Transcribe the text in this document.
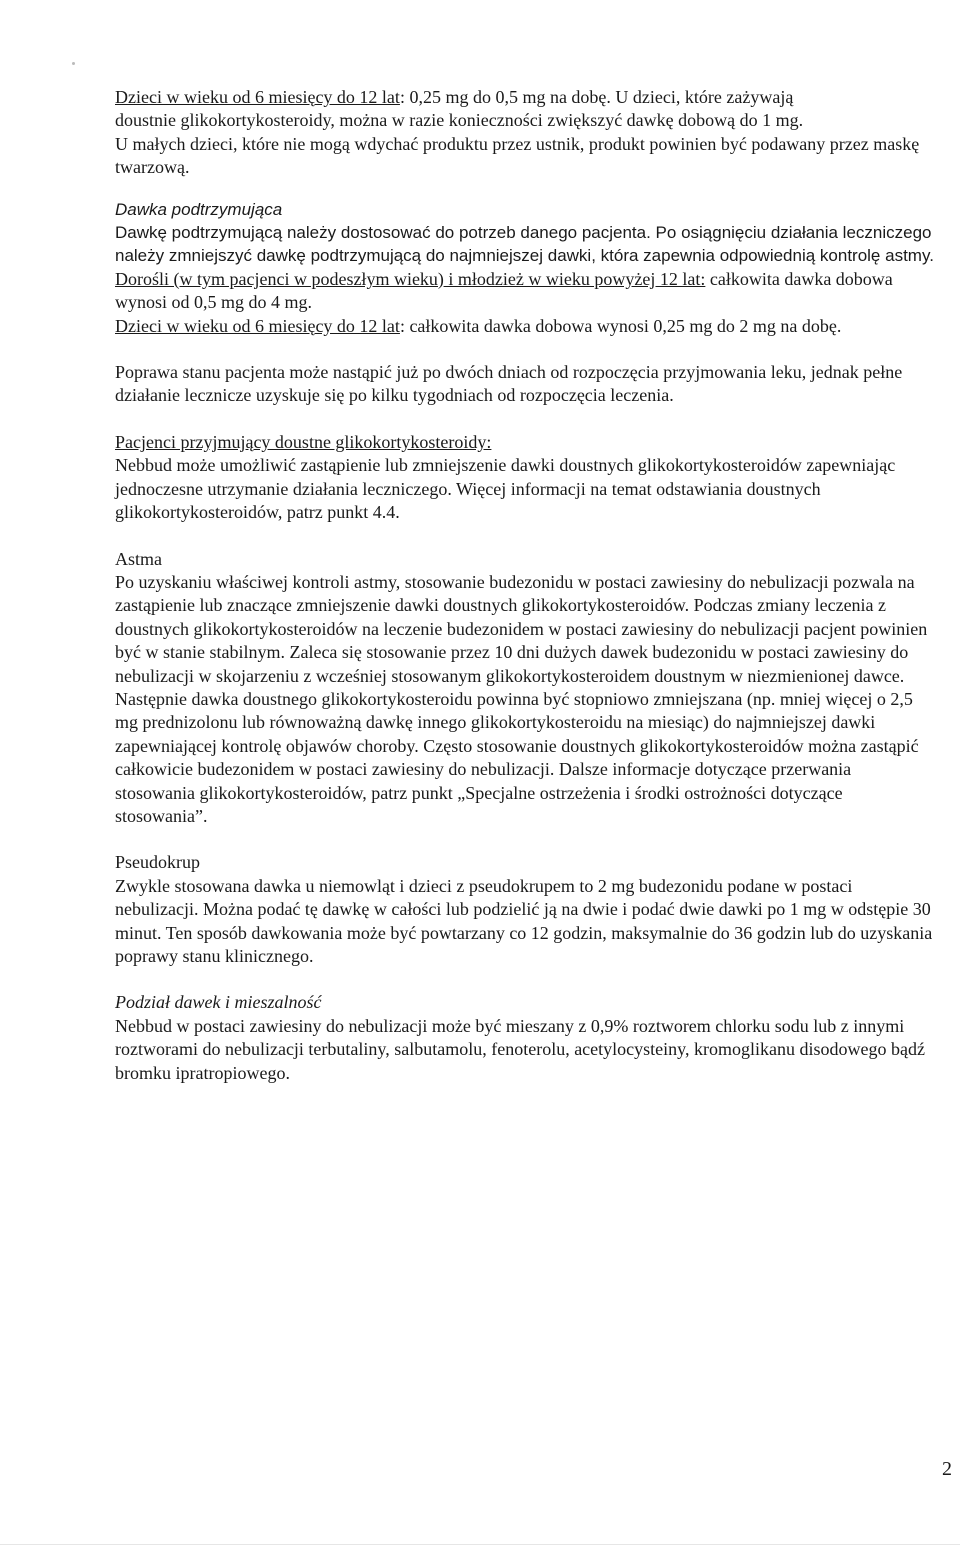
Dzieci w wieku od 6 miesięcy do 12 lat: 0,25 mg do 0,5 mg na dobę. U dzieci, które zażywają

doustnie glikokortykosteroidy, można w razie konieczności zwiększyć dawkę dobową do 1 mg.

U małych dzieci, które nie mogą wdychać produktu przez ustnik, produkt powinien być podawany przez maskę twarzową.

Dawka podtrzymująca

Dawkę podtrzymującą należy dostosować do potrzeb danego pacjenta. Po osiągnięciu działania leczniczego należy zmniejszyć dawkę podtrzymującą do najmniejszej dawki, która zapewnia odpowiednią kontrolę astmy.

Dorośli (w tym pacjenci w podeszłym wieku) i młodzież w wieku powyżej 12 lat: całkowita dawka dobowa wynosi od 0,5 mg do 4 mg.

Dzieci w wieku od 6 miesięcy do 12 lat: całkowita dawka dobowa wynosi 0,25 mg do 2 mg na dobę.

Poprawa stanu pacjenta może nastąpić już po dwóch dniach od rozpoczęcia przyjmowania leku, jednak pełne działanie lecznicze uzyskuje się po kilku tygodniach od rozpoczęcia leczenia.

Pacjenci przyjmujący doustne glikokortykosteroidy:

Nebbud może umożliwić zastąpienie lub zmniejszenie dawki doustnych glikokortykosteroidów zapewniając jednoczesne utrzymanie działania leczniczego. Więcej informacji na temat odstawiania doustnych glikokortykosteroidów, patrz punkt 4.4.

Astma

Po uzyskaniu właściwej kontroli astmy, stosowanie budezonidu w postaci zawiesiny do nebulizacji pozwala na zastąpienie lub znaczące zmniejszenie dawki doustnych glikokortykosteroidów. Podczas zmiany leczenia z doustnych glikokortykosteroidów na leczenie budezonidem w postaci zawiesiny do nebulizacji pacjent powinien być w stanie stabilnym. Zaleca się stosowanie przez 10 dni dużych dawek budezonidu w postaci zawiesiny do nebulizacji w skojarzeniu z wcześniej stosowanym glikokortykosteroidem doustnym w niezmienionej dawce.

Następnie dawka doustnego glikokortykosteroidu powinna być stopniowo zmniejszana (np. mniej więcej o 2,5 mg prednizolonu lub równoważną dawkę innego glikokortykosteroidu na miesiąc) do najmniejszej dawki zapewniającej kontrolę objawów choroby. Często stosowanie doustnych glikokortykosteroidów można zastąpić całkowicie budezonidem w postaci zawiesiny do nebulizacji. Dalsze informacje dotyczące przerwania stosowania glikokortykosteroidów, patrz punkt „Specjalne ostrzeżenia i środki ostrożności dotyczące stosowania”.

Pseudokrup

Zwykle stosowana dawka u niemowląt i dzieci z pseudokrupem to 2 mg budezonidu podane w postaci nebulizacji. Można podać tę dawkę w całości lub podzielić ją na dwie i podać dwie dawki po 1 mg w odstępie 30 minut. Ten sposób dawkowania może być powtarzany co 12 godzin, maksymalnie do 36 godzin lub do uzyskania poprawy stanu klinicznego.

Podział dawek i mieszalność

Nebbud w postaci zawiesiny do nebulizacji może być mieszany z 0,9% roztworem chlorku sodu lub z innymi roztworami do nebulizacji terbutaliny, salbutamolu, fenoterolu, acetylocysteiny, kromoglikanu disodowego bądź bromku ipratropiowego.

2
